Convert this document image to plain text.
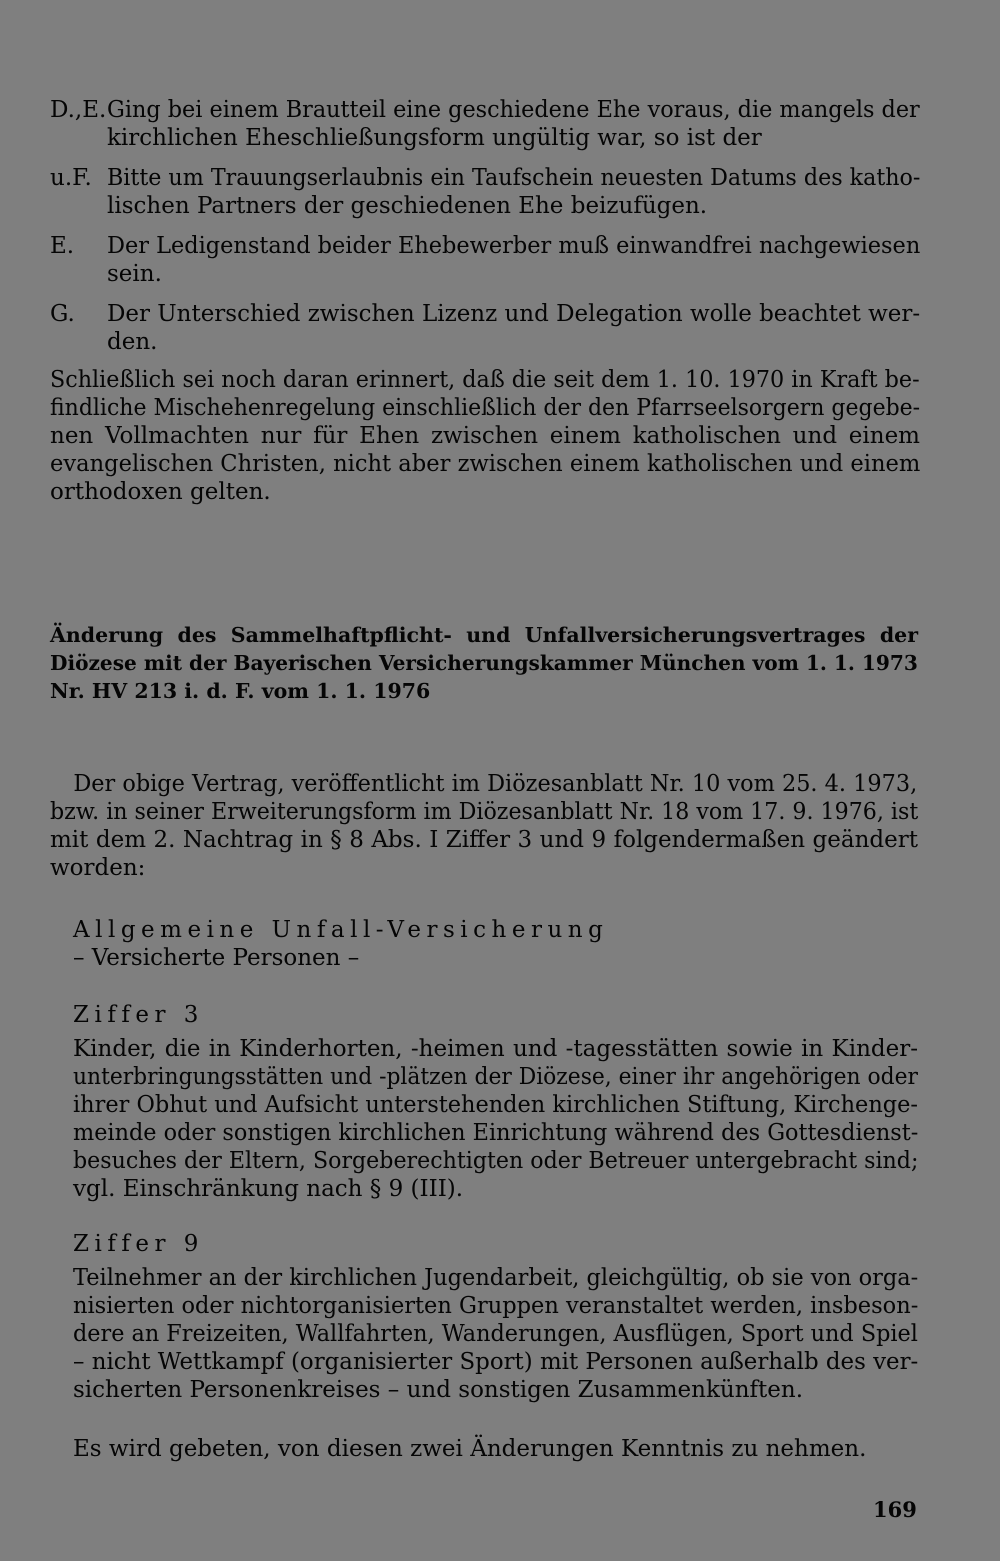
D.,E. Ging bei einem Brautteil eine geschiedene Ehe voraus, die mangels der
kirchlichen Eheschließungsform ungültig war, so ist der
u.F. Bitte um Trauungserlaubnis ein Taufschein neuesten Datums des katho-
lischen Partners der geschiedenen Ehe beizufügen.
E. Der Ledigenstand beider Ehebewerber muß einwandfrei nachgewiesen
sein.
G. Der Unterschied zwischen Lizenz und Delegation wolle beachtet wer-
den.
Schließlich sei noch daran erinnert, daß die seit dem 1. 10. 1970 in Kraft be-
findliche Mischehenregelung einschließlich der den Pfarrseelsorgern gegebe-
nen Vollmachten nur für Ehen zwischen einem katholischen und einem
evangelischen Christen, nicht aber zwischen einem katholischen und einem
orthodoxen gelten.
Änderung des Sammelhaftpflicht- und Unfallversicherungsvertrages der
Diözese mit der Bayerischen Versicherungskammer München vom 1. 1. 1973
Nr. HV 213 i. d. F. vom 1. 1. 1976
Der obige Vertrag, veröffentlicht im Diözesanblatt Nr. 10 vom 25. 4. 1973,
bzw. in seiner Erweiterungsform im Diözesanblatt Nr. 18 vom 17. 9. 1976, ist
mit dem 2. Nachtrag in § 8 Abs. I Ziffer 3 und 9 folgendermaßen geändert
worden:
Allgemeine Unfall-Versicherung
– Versicherte Personen –
Ziffer 3
Kinder, die in Kinderhorten, -heimen und -tagesstätten sowie in Kinder-
unterbringungsstätten und -plätzen der Diözese, einer ihr angehörigen oder
ihrer Obhut und Aufsicht unterstehenden kirchlichen Stiftung, Kirchenge-
meinde oder sonstigen kirchlichen Einrichtung während des Gottesdienst-
besuches der Eltern, Sorgeberechtigten oder Betreuer untergebracht sind;
vgl. Einschränkung nach § 9 (III).
Ziffer 9
Teilnehmer an der kirchlichen Jugendarbeit, gleichgültig, ob sie von orga-
nisierten oder nichtorganisierten Gruppen veranstaltet werden, insbeson-
dere an Freizeiten, Wallfahrten, Wanderungen, Ausflügen, Sport und Spiel
– nicht Wettkampf (organisierter Sport) mit Personen außerhalb des ver-
sicherten Personenkreises – und sonstigen Zusammenkünften.
Es wird gebeten, von diesen zwei Änderungen Kenntnis zu nehmen.
169
